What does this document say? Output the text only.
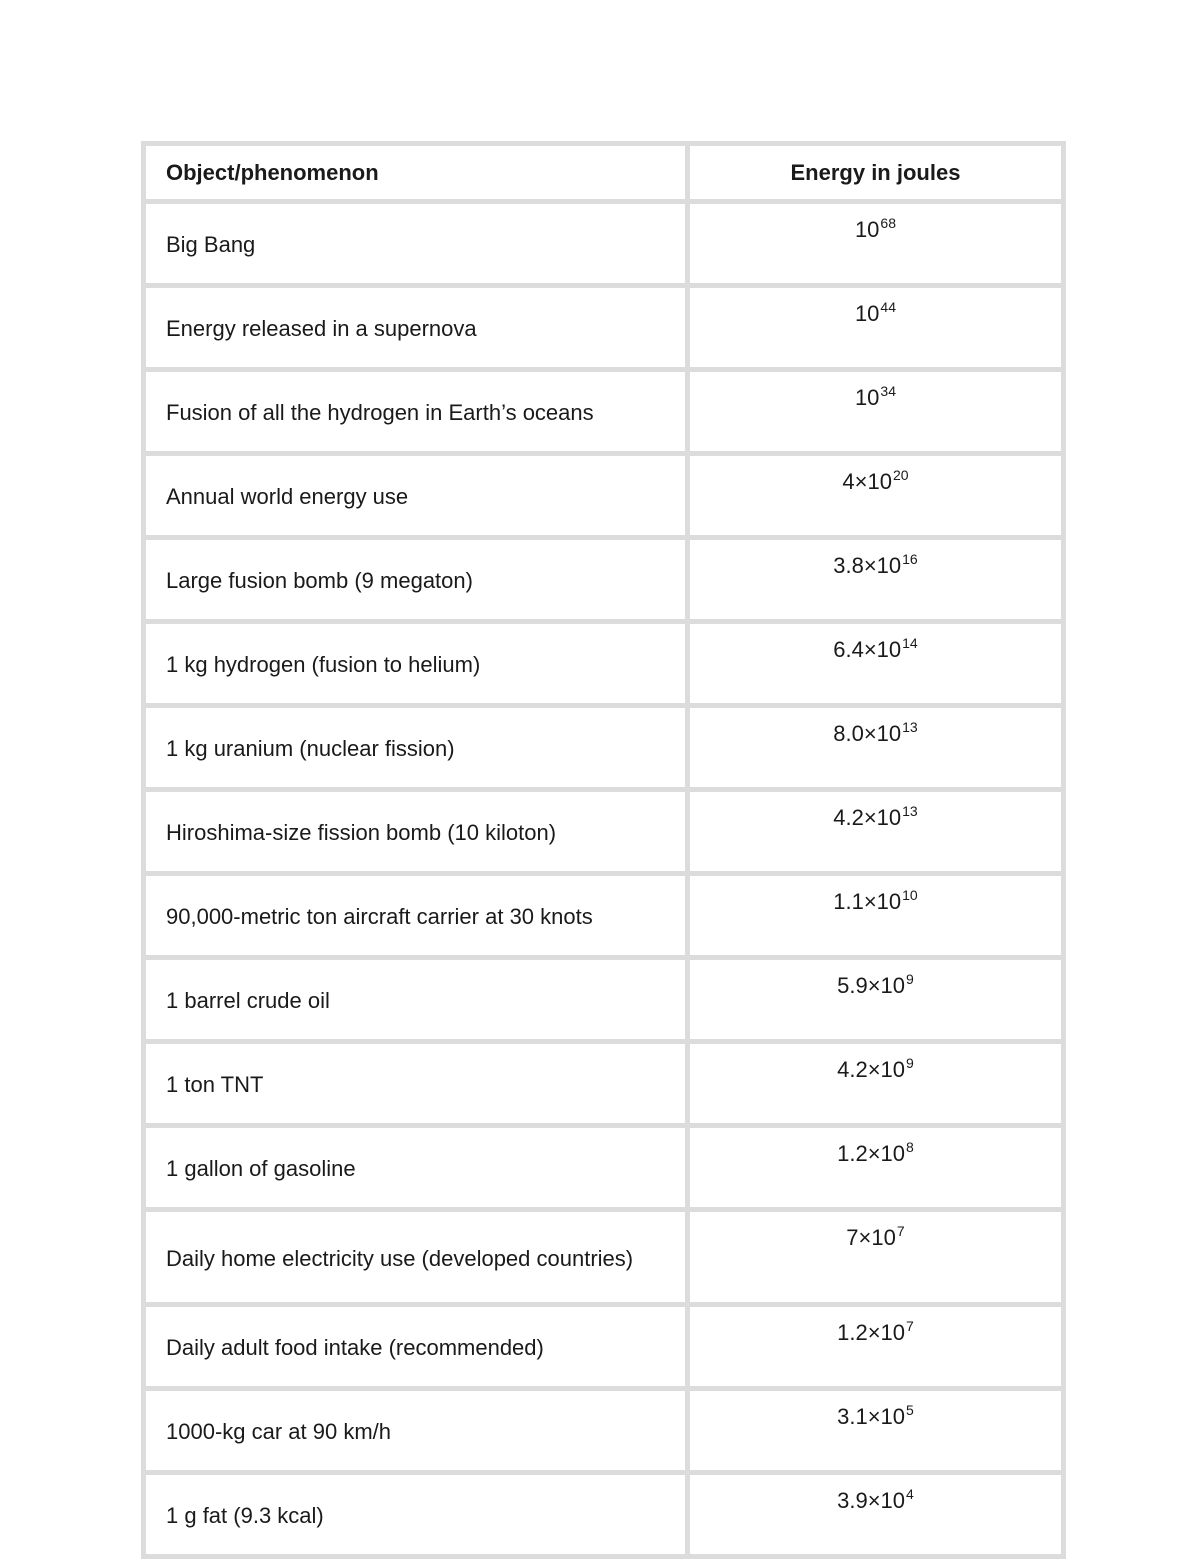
Object/phenomenon	Energy in joules
Big Bang	$10^{68}$
Energy released in a supernova	$10^{44}$
Fusion of all the hydrogen in Earth’s oceans	$10^{34}$
Annual world energy use	$4\times 10^{20}$
Large fusion bomb (9 megaton)	$3.8\times 10^{16}$
1 kg hydrogen (fusion to helium)	$6.4\times 10^{14}$
1 kg uranium (nuclear fission)	$8.0\times 10^{13}$
Hiroshima-size fission bomb (10 kiloton)	$4.2\times 10^{13}$
90,000-metric ton aircraft carrier at 30 knots	$1.1\times 10^{10}$
1 barrel crude oil	$5.9\times 10^9$
1 ton TNT	$4.2\times 10^9$
1 gallon of gasoline	$1.2\times 10^8$
Daily home electricity use (developed countries)	$7\times 10^7$
Daily adult food intake (recommended)	$1.2\times 10^7$
1000-kg car at 90 km/h	$3.1\times 10^5$
1 g fat (9.3 kcal)	$3.9\times 10^4$
